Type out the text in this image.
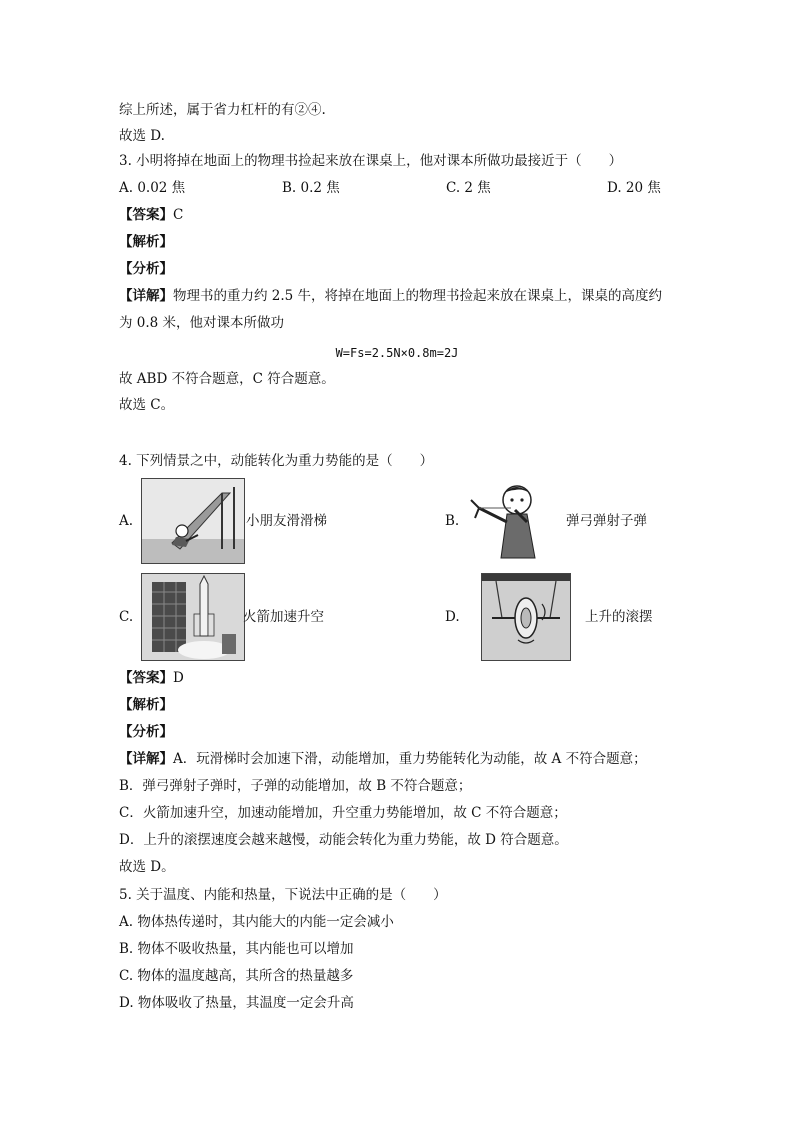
综上所述，属于省力杠杆的有②④.
故选 D.
3. 小明将掉在地面上的物理书捡起来放在课桌上，他对课本所做功最接近于（　　）
A. 0.02 焦	B. 0.2 焦	C. 2 焦	D. 20 焦
【答案】C
【解析】
【分析】
【详解】物理书的重力约 2.5 牛，将掉在地面上的物理书捡起来放在课桌上，课桌的高度约
为 0.8 米，他对课本所做功
W=Fs=2.5N×0.8m=2J
故 ABD 不符合题意，C 符合题意。
故选 C。
4. 下列情景之中，动能转化为重力势能的是（　　）
A.	小朋友滑滑梯	B.	弹弓弹射子弹
C.	火箭加速升空	D.	上升的滚摆
【答案】D
【解析】
【分析】
【详解】A．玩滑梯时会加速下滑，动能增加，重力势能转化为动能，故 A 不符合题意；
B．弹弓弹射子弹时，子弹的动能增加，故 B 不符合题意；
C．火箭加速升空，加速动能增加，升空重力势能增加，故 C 不符合题意；
D．上升的滚摆速度会越来越慢，动能会转化为重力势能，故 D 符合题意。
故选 D。
5. 关于温度、内能和热量，下说法中正确的是（　　）
A. 物体热传递时，其内能大的内能一定会减小
B. 物体不吸收热量，其内能也可以增加
C. 物体的温度越高，其所含的热量越多
D. 物体吸收了热量，其温度一定会升高
